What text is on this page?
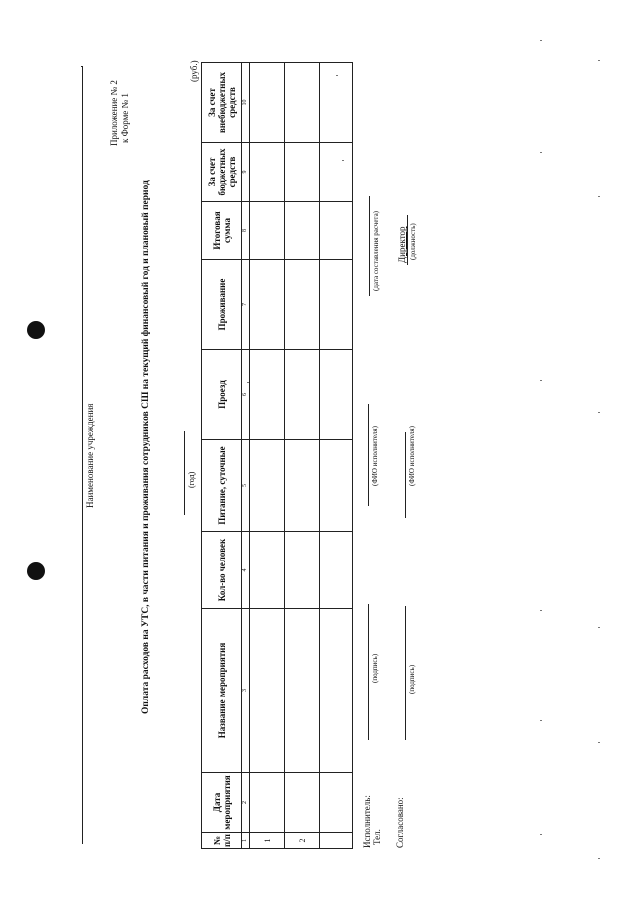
Наименование учреждения
Приложение № 2 к Форме № 1
Оплата расходов на УТС, в части питания и проживания сотрудников СШ на текущий финансовый год и плановый период	(год)
(руб.)
№ п/п	Дата мероприятия	Название мероприятия	Кол-во человек	Питание, суточные	Проезд	Проживание	Итоговая сумма	За счет бюджетных средств	За счет внебюджетных средств
1	2	3	4	5	6	7	8	9	10
1									
2									
										Исполнитель: Тел.
(подпись)
(ФИО исполнителя)
(дата составления расчета)
Согласовано:
(подпись)
(ФИО исполнителя)
Директор (должность)
